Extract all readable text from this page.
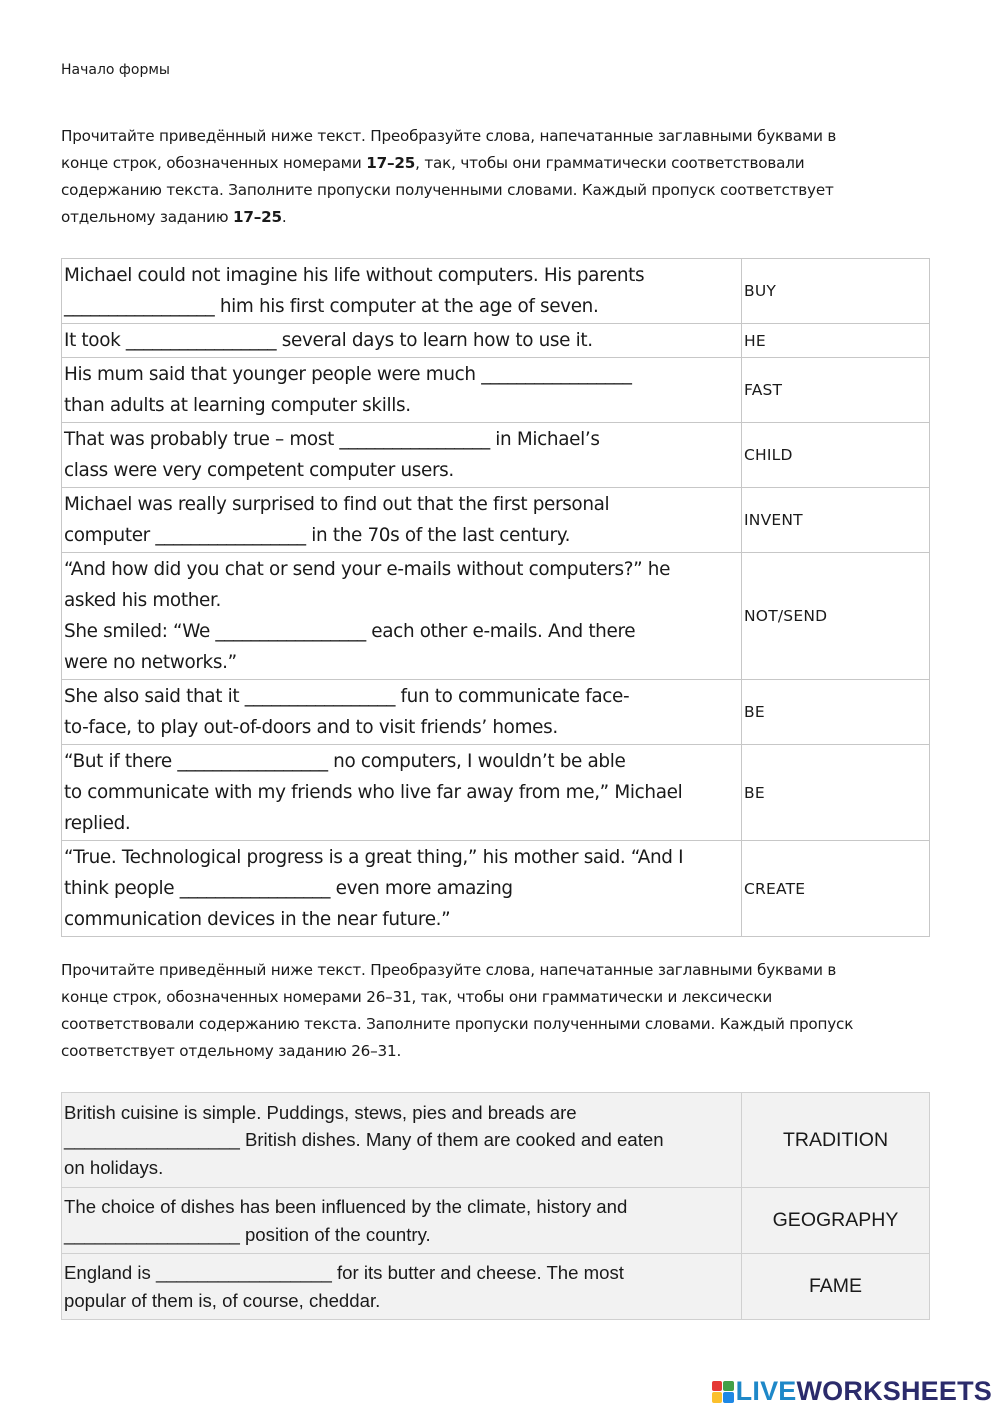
Начало формы
Прочитайте приведённый ниже текст. Преобразуйте слова, напечатанные заглавными буквами в
конце строк, обозначенных номерами 17–25, так, чтобы они грамматически соответствовали
содержанию текста. Заполните пропуски полученными словами. Каждый пропуск соответствует
отдельному заданию 17–25.
Michael could not imagine his life without computers. His parents
_________________ him his first computer at the age of seven.	BUY

It took _________________ several days to learn how to use it.	HE

His mum said that younger people were much _________________
than adults at learning computer skills.	FAST

That was probably true – most _________________ in Michael’s
class were very competent computer users.	CHILD

Michael was really surprised to find out that the first personal
computer _________________ in the 70s of the last century.	INVENT

“And how did you chat or send your e-mails without computers?” he
asked his mother.
She smiled: “We _________________ each other e-mails. And there
were no networks.”	NOT/SEND

She also said that it _________________ fun to communicate face-
to-face, to play out-of-doors and to visit friends’ homes.	BE

“But if there _________________ no computers, I wouldn’t be able
to communicate with my friends who live far away from me,” Michael
replied.	BE

“True. Technological progress is a great thing,” his mother said. “And I
think people _________________ even more amazing
communication devices in the near future.”	CREATE
Прочитайте приведённый ниже текст. Преобразуйте слова, напечатанные заглавными буквами в
конце строк, обозначенных номерами 26–31, так, чтобы они грамматически и лексически
соответствовали содержанию текста. Заполните пропуски полученными словами. Каждый пропуск
соответствует отдельному заданию 26–31.
British cuisine is simple. Puddings, stews, pies and breads are
_________________ British dishes. Many of them are cooked and eaten
on holidays.	TRADITION

The choice of dishes has been influenced by the climate, history and
_________________ position of the country.	GEOGRAPHY

England is _________________ for its butter and cheese. The most
popular of them is, of course, cheddar.	FAME
LIVEWORKSHEETS
